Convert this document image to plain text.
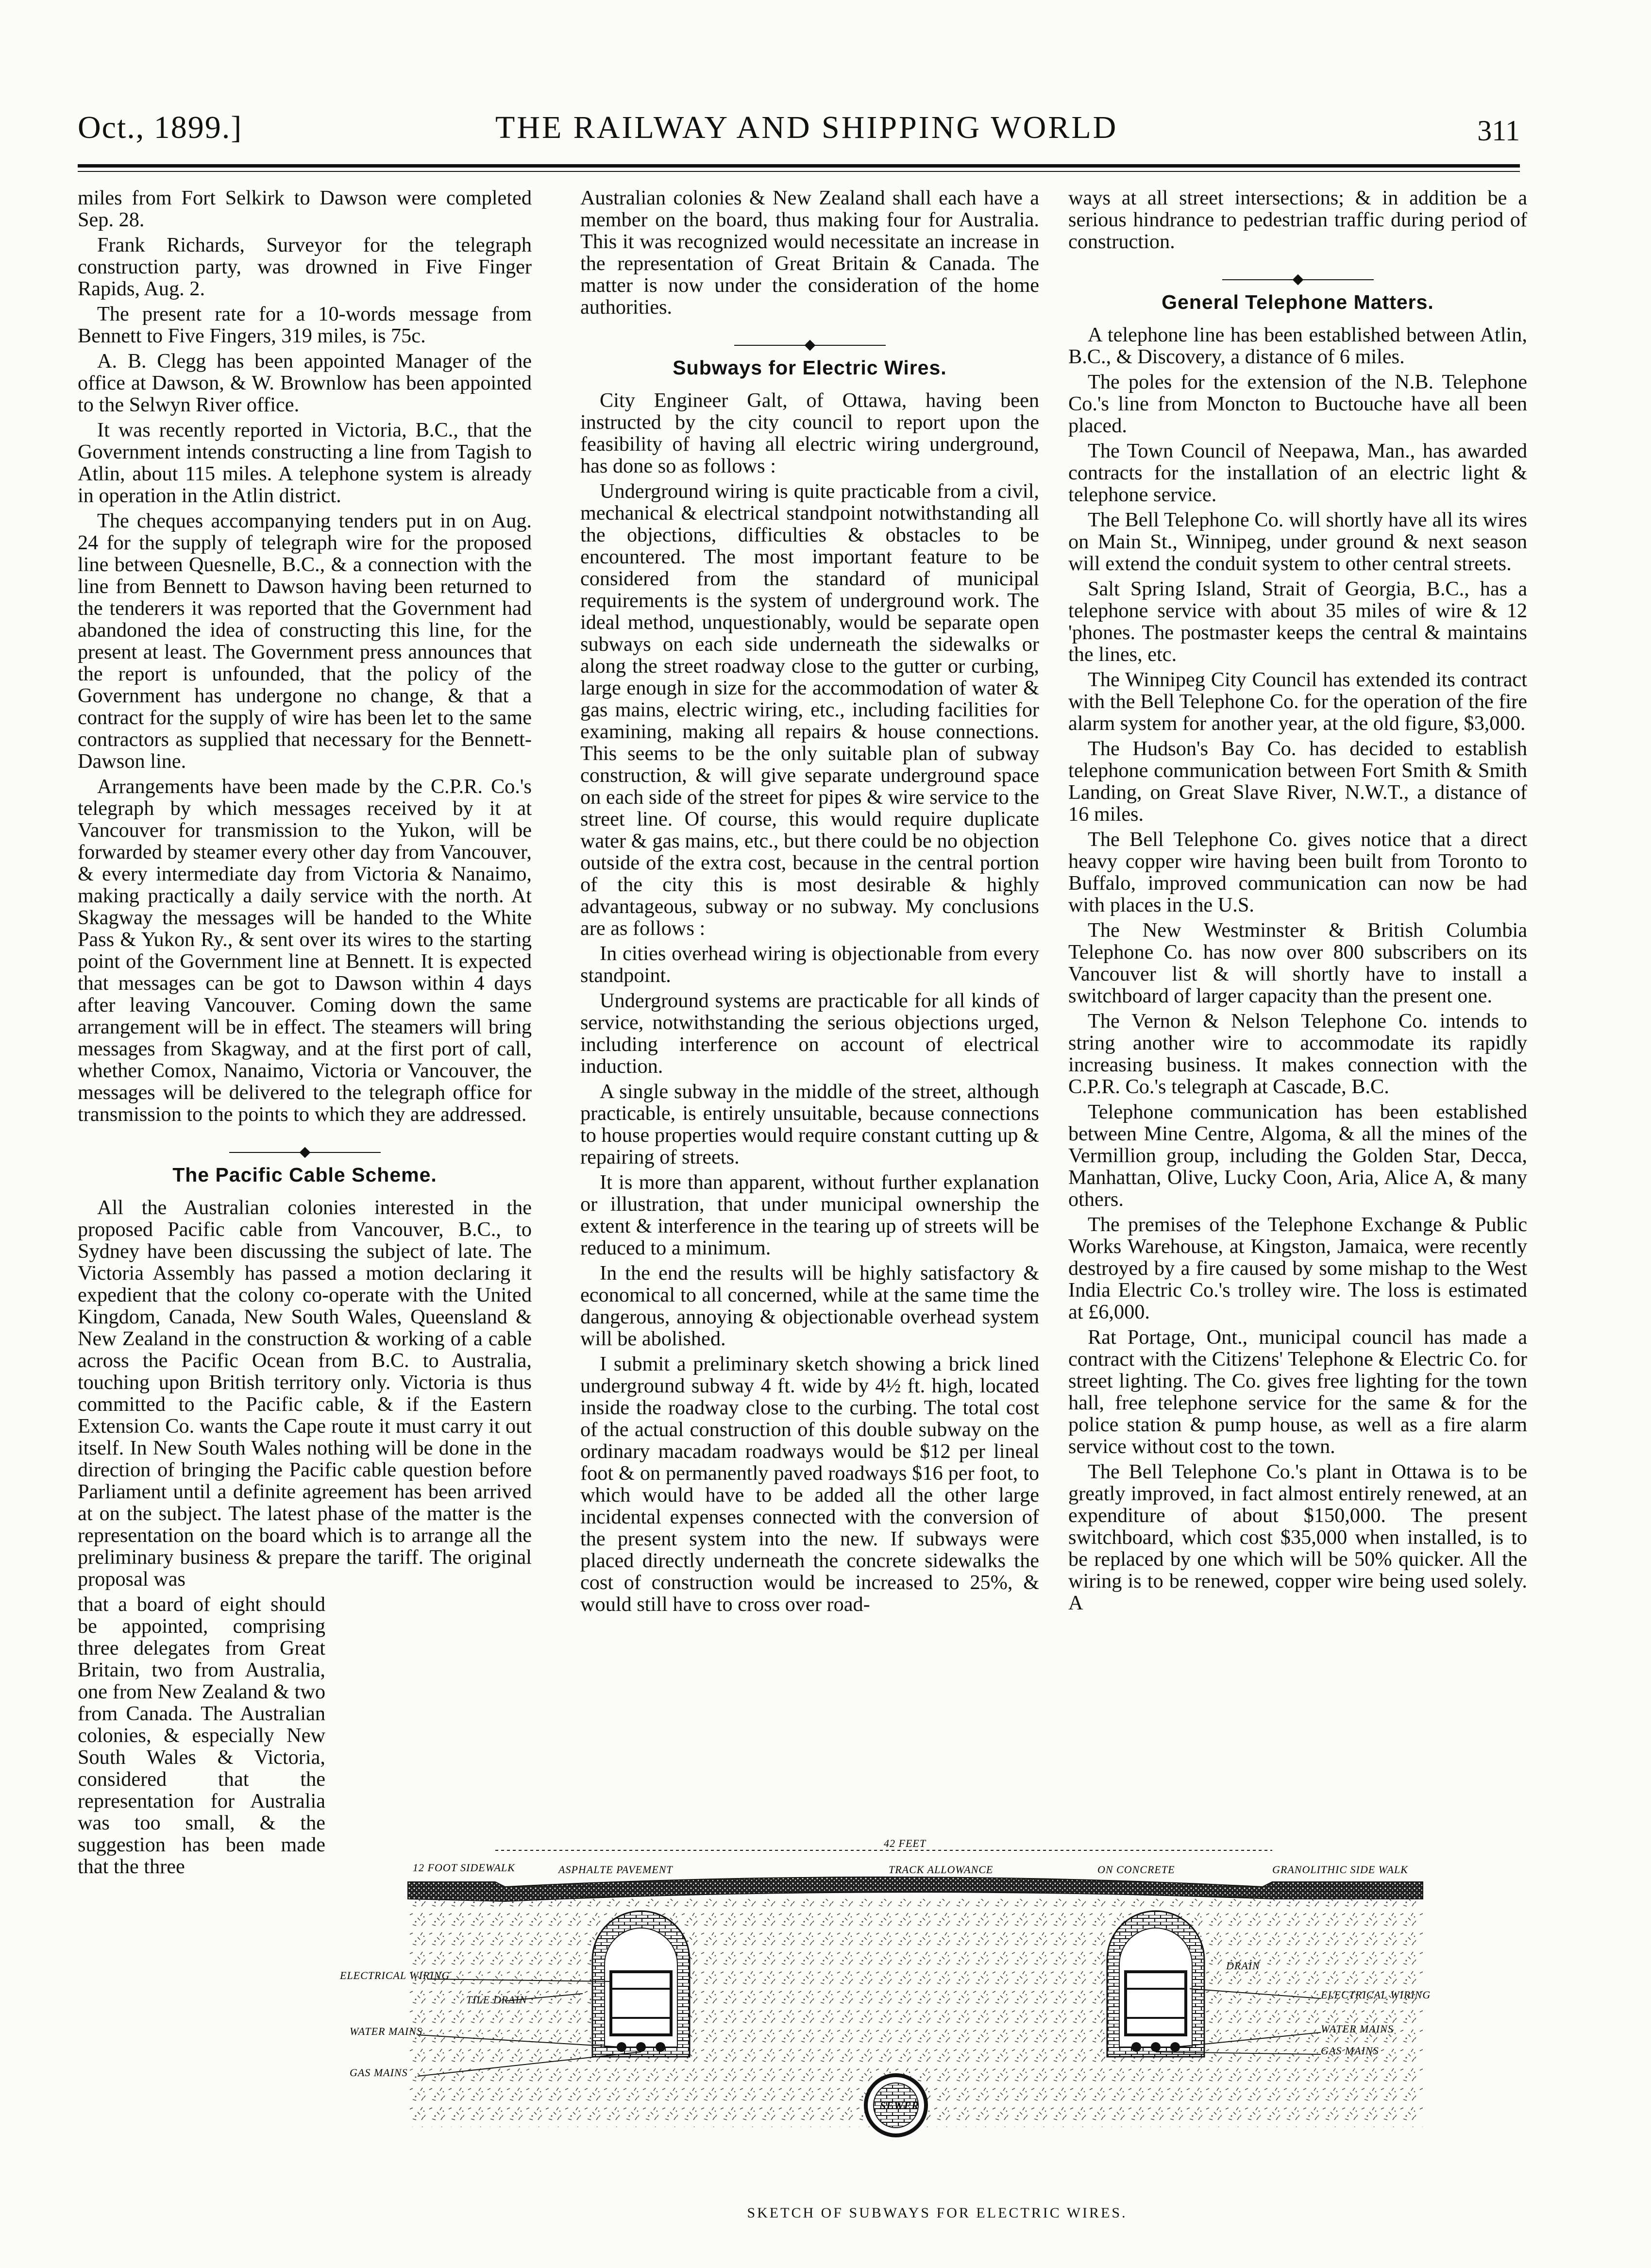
Oct., 1899.]	THE RAILWAY AND SHIPPING WORLD	311

miles from Fort Selkirk to Dawson were completed Sep. 28.

Frank Richards, Surveyor for the telegraph construction party, was drowned in Five Finger Rapids, Aug. 2.

The present rate for a 10-words message from Bennett to Five Fingers, 319 miles, is 75c.

A. B. Clegg has been appointed Manager of the office at Dawson, & W. Brownlow has been appointed to the Selwyn River office.

It was recently reported in Victoria, B.C., that the Government intends constructing a line from Tagish to Atlin, about 115 miles. A telephone system is already in operation in the Atlin district.

The cheques accompanying tenders put in on Aug. 24 for the supply of telegraph wire for the proposed line between Quesnelle, B.C., & a connection with the line from Bennett to Dawson having been returned to the tenderers it was reported that the Government had abandoned the idea of constructing this line, for the present at least. The Government press announces that the report is unfounded, that the policy of the Government has undergone no change, & that a contract for the supply of wire has been let to the same contractors as supplied that necessary for the Bennett-Dawson line.

Arrangements have been made by the C.P.R. Co.'s telegraph by which messages received by it at Vancouver for transmission to the Yukon, will be forwarded by steamer every other day from Vancouver, & every intermediate day from Victoria & Nanaimo, making practically a daily service with the north. At Skagway the messages will be handed to the White Pass & Yukon Ry., & sent over its wires to the starting point of the Government line at Bennett. It is expected that messages can be got to Dawson within 4 days after leaving Vancouver. Coming down the same arrangement will be in effect. The steamers will bring messages from Skagway, and at the first port of call, whether Comox, Nanaimo, Victoria or Vancouver, the messages will be delivered to the telegraph office for transmission to the points to which they are addressed.

The Pacific Cable Scheme.

All the Australian colonies interested in the proposed Pacific cable from Vancouver, B.C., to Sydney have been discussing the subject of late. The Victoria Assembly has passed a motion declaring it expedient that the colony co-operate with the United Kingdom, Canada, New South Wales, Queensland & New Zealand in the construction & working of a cable across the Pacific Ocean from B.C. to Australia, touching upon British territory only. Victoria is thus committed to the Pacific cable, & if the Eastern Extension Co. wants the Cape route it must carry it out itself. In New South Wales nothing will be done in the direction of bringing the Pacific cable question before Parliament until a definite agreement has been arrived at on the subject. The latest phase of the matter is the representation on the board which is to arrange all the preliminary business & prepare the tariff. The original proposal was

that a board of eight should be appointed, comprising three delegates from Great Britain, two from Australia, one from New Zealand & two from Canada. The Australian colonies, & especially New South Wales & Victoria, considered that the representation for Australia was too small, & the suggestion has been made that the three

Australian colonies & New Zealand shall each have a member on the board, thus making four for Australia. This it was recognized would necessitate an increase in the representation of Great Britain & Canada. The matter is now under the consideration of the home authorities.

Subways for Electric Wires.

City Engineer Galt, of Ottawa, having been instructed by the city council to report upon the feasibility of having all electric wiring underground, has done so as follows :

Underground wiring is quite practicable from a civil, mechanical & electrical standpoint notwithstanding all the objections, difficulties & obstacles to be encountered. The most important feature to be considered from the standard of municipal requirements is the system of underground work. The ideal method, unquestionably, would be separate open subways on each side underneath the sidewalks or along the street roadway close to the gutter or curbing, large enough in size for the accommodation of water & gas mains, electric wiring, etc., including facilities for examining, making all repairs & house connections. This seems to be the only suitable plan of subway construction, & will give separate underground space on each side of the street for pipes & wire service to the street line. Of course, this would require duplicate water & gas mains, etc., but there could be no objection outside of the extra cost, because in the central portion of the city this is most desirable & highly advantageous, subway or no subway. My conclusions are as follows :

In cities overhead wiring is objectionable from every standpoint.

Underground systems are practicable for all kinds of service, notwithstanding the serious objections urged, including interference on account of electrical induction.

A single subway in the middle of the street, although practicable, is entirely unsuitable, because connections to house properties would require constant cutting up & repairing of streets.

It is more than apparent, without further explanation or illustration, that under municipal ownership the extent & interference in the tearing up of streets will be reduced to a minimum.

In the end the results will be highly satisfactory & economical to all concerned, while at the same time the dangerous, annoying & objectionable overhead system will be abolished.

I submit a preliminary sketch showing a brick lined underground subway 4 ft. wide by 4½ ft. high, located inside the roadway close to the curbing. The total cost of the actual construction of this double subway on the ordinary macadam roadways would be $12 per lineal foot & on permanently paved roadways $16 per foot, to which would have to be added all the other large incidental expenses connected with the conversion of the present system into the new. If subways were placed directly underneath the concrete sidewalks the cost of construction would be increased to 25%, & would still have to cross over road-

ways at all street intersections; & in addition be a serious hindrance to pedestrian traffic during period of construction.

General Telephone Matters.

A telephone line has been established between Atlin, B.C., & Discovery, a distance of 6 miles.

The poles for the extension of the N.B. Telephone Co.'s line from Moncton to Buctouche have all been placed.

The Town Council of Neepawa, Man., has awarded contracts for the installation of an electric light & telephone service.

The Bell Telephone Co. will shortly have all its wires on Main St., Winnipeg, under ground & next season will extend the conduit system to other central streets.

Salt Spring Island, Strait of Georgia, B.C., has a telephone service with about 35 miles of wire & 12 'phones. The postmaster keeps the central & maintains the lines, etc.

The Winnipeg City Council has extended its contract with the Bell Telephone Co. for the operation of the fire alarm system for another year, at the old figure, $3,000.

The Hudson's Bay Co. has decided to establish telephone communication between Fort Smith & Smith Landing, on Great Slave River, N.W.T., a distance of 16 miles.

The Bell Telephone Co. gives notice that a direct heavy copper wire having been built from Toronto to Buffalo, improved communication can now be had with places in the U.S.

The New Westminster & British Columbia Telephone Co. has now over 800 subscribers on its Vancouver list & will shortly have to install a switchboard of larger capacity than the present one.

The Vernon & Nelson Telephone Co. intends to string another wire to accommodate its rapidly increasing business. It makes connection with the C.P.R. Co.'s telegraph at Cascade, B.C.

Telephone communication has been established between Mine Centre, Algoma, & all the mines of the Vermillion group, including the Golden Star, Decca, Manhattan, Olive, Lucky Coon, Aria, Alice A, & many others.

The premises of the Telephone Exchange & Public Works Warehouse, at Kingston, Jamaica, were recently destroyed by a fire caused by some mishap to the West India Electric Co.'s trolley wire. The loss is estimated at £6,000.

Rat Portage, Ont., municipal council has made a contract with the Citizens' Telephone & Electric Co. for street lighting. The Co. gives free lighting for the town hall, free telephone service for the same & for the police station & pump house, as well as a fire alarm service without cost to the town.

The Bell Telephone Co.'s plant in Ottawa is to be greatly improved, in fact almost entirely renewed, at an expenditure of about $150,000. The present switchboard, which cost $35,000 when installed, is to be replaced by one which will be 50% quicker. All the wiring is to be renewed, copper wire being used solely. A

42 FEET
12 FOOT SIDEWALK	ASPHALTE PAVEMENT	TRACK ALLOWANCE	ON CONCRETE	GRANOLITHIC SIDE WALK
SEWER
ELECTRICAL WIRING
TILE DRAIN
WATER MAINS
GAS MAINS
DRAIN
ELECTRICAL WIRING
WATER MAINS
GAS MAINS
SKETCH OF SUBWAYS FOR ELECTRIC WIRES.
